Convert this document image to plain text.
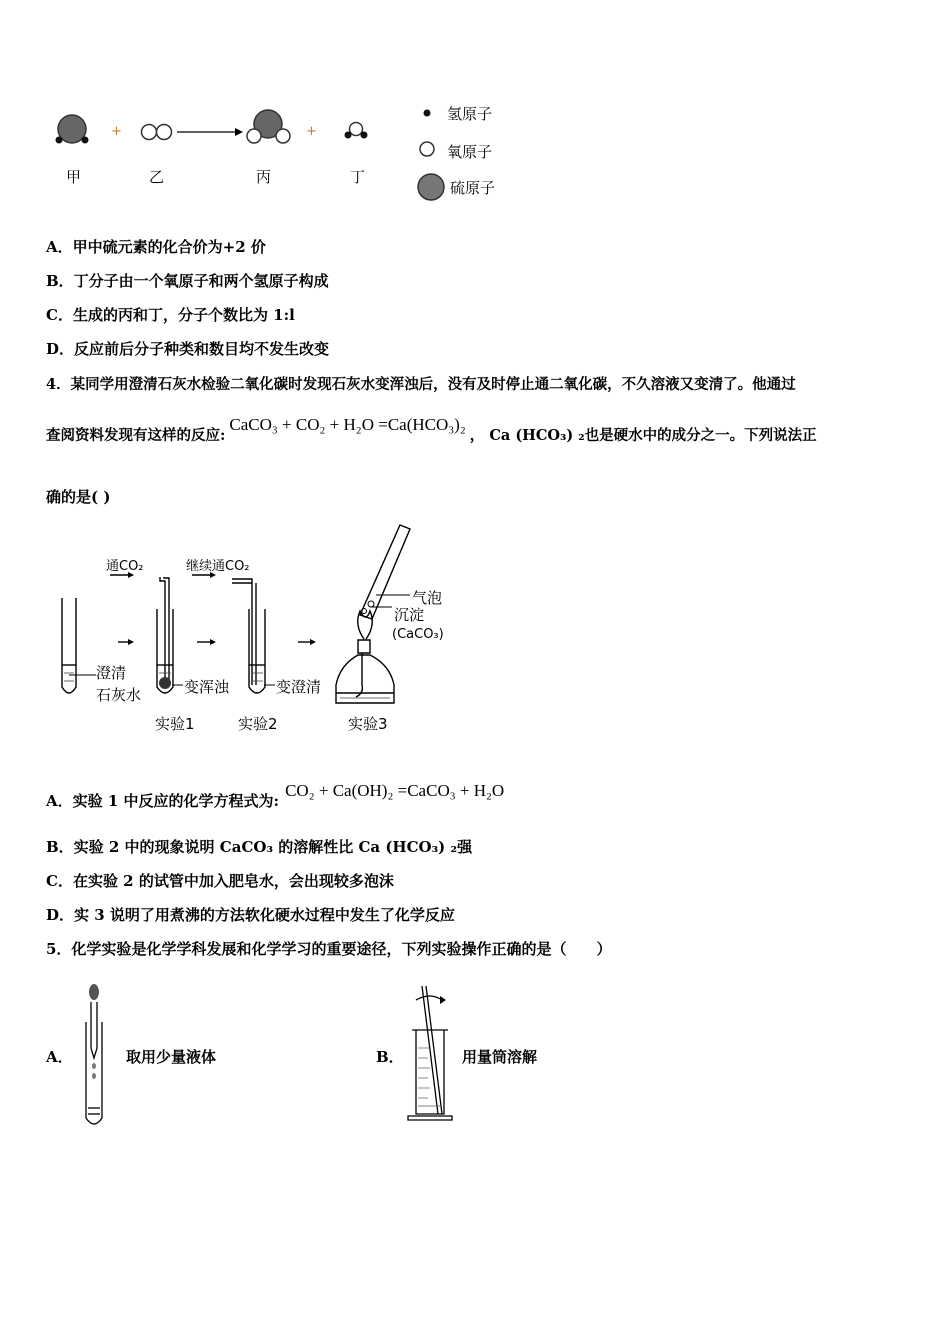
+	+
甲	乙	丙	丁
氢原子
氧原子
硫原子
A．甲中硫元素的化合价为+2 价
B．丁分子由一个氧原子和两个氢原子构成
C．生成的丙和丁，分子个数比为 1:l
D．反应前后分子种类和数目均不发生改变
4．某同学用澄清石灰水检验二氧化碳时发现石灰水变浑浊后，没有及时停止通二氧化碳，不久溶液又变清了。他通过
查阅资料发现有这样的反应:CaCO₃ + CO₂ + H₂O =Ca(HCO₃)₂， Ca (HCO₃) ₂也是硬水中的成分之一。下列说法正
确的是( )
通CO₂	继续通CO₂
澄清
石灰水	变浑浊	变澄清
气泡
沉淀
(CaCO₃)
实验1	实验2	实验3
A．实验 1 中反应的化学方程式为:CO₂ + Ca(OH)₂ =CaCO₃ + H₂O
B．实验 2 中的现象说明 CaCO₃ 的溶解性比 Ca (HCO₃) ₂强
C．在实验 2 的试管中加入肥皂水，会出现较多泡沫
D．实 3 说明了用煮沸的方法软化硬水过程中发生了化学反应
5．化学实验是化学学科发展和化学学习的重要途径，下列实验操作正确的是（　　）
A．	取用少量液体	B．	用量筒溶解
